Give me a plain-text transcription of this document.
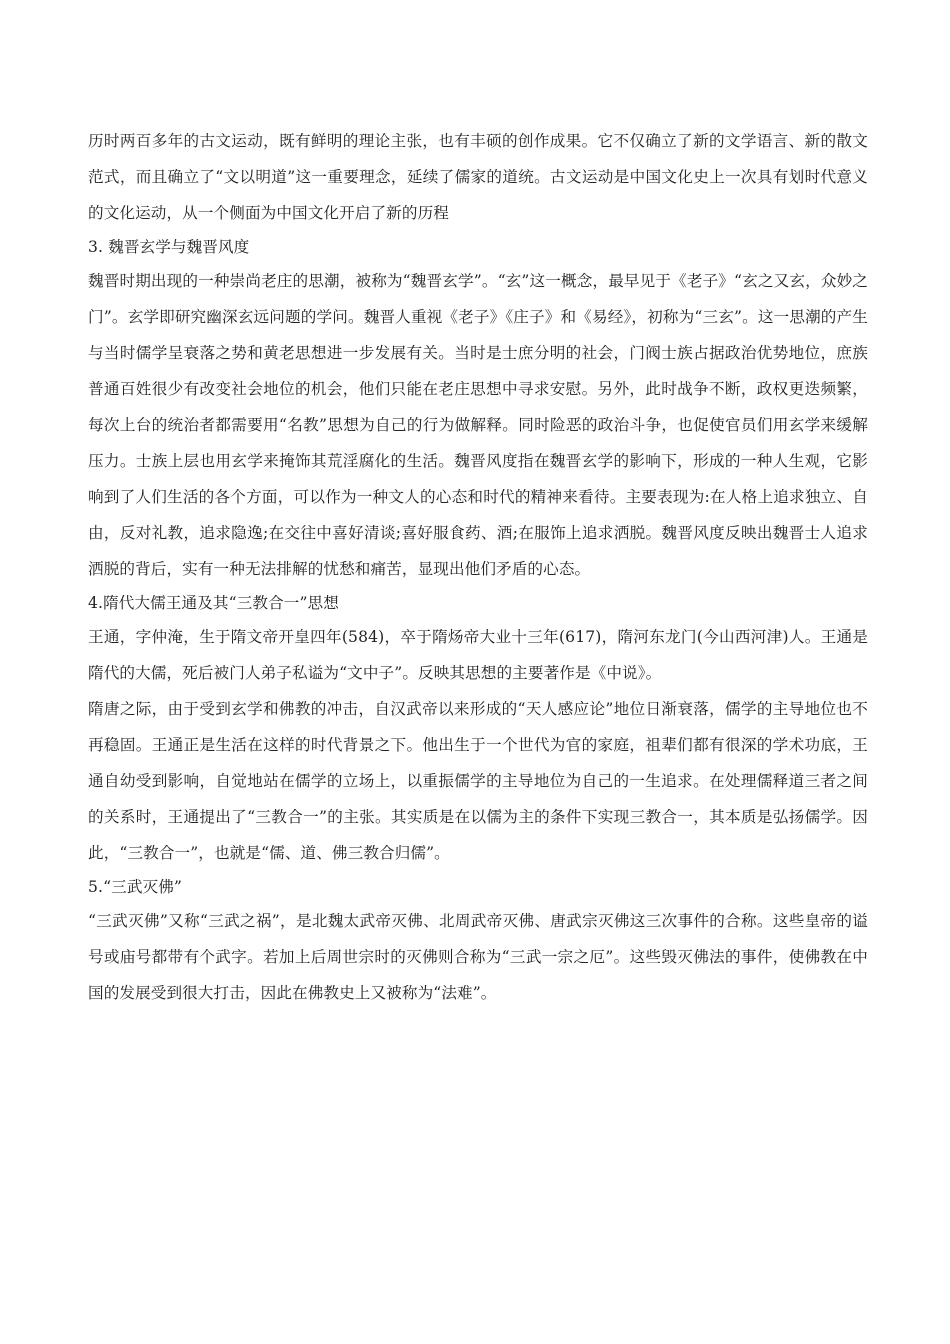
历时两百多年的古文运动，既有鲜明的理论主张，也有丰硕的创作成果。它不仅确立了新的文学语言、新的散文范式，而且确立了“文以明道”这一重要理念，延续了儒家的道统。古文运动是中国文化史上一次具有划时代意义的文化运动，从一个侧面为中国文化开启了新的历程

3. 魏晋玄学与魏晋风度

魏晋时期出现的一种崇尚老庄的思潮，被称为“魏晋玄学”。“玄”这一概念，最早见于《老子》“玄之又玄，众妙之门”。玄学即研究幽深玄远问题的学问。魏晋人重视《老子》《庄子》和《易经》，初称为“三玄”。这一思潮的产生与当时儒学呈衰落之势和黄老思想进一步发展有关。当时是士庶分明的社会，门阀士族占据政治优势地位，庶族普通百姓很少有改变社会地位的机会，他们只能在老庄思想中寻求安慰。另外，此时战争不断，政权更迭频繁，每次上台的统治者都需要用“名教”思想为自己的行为做解释。同时险恶的政治斗争，也促使官员们用玄学来缓解压力。士族上层也用玄学来掩饰其荒淫腐化的生活。魏晋风度指在魏晋玄学的影响下，形成的一种人生观，它影响到了人们生活的各个方面，可以作为一种文人的心态和时代的精神来看待。主要表现为:在人格上追求独立、自由，反对礼教，追求隐逸;在交往中喜好清谈;喜好服食药、酒;在服饰上追求洒脱。魏晋风度反映出魏晋士人追求洒脱的背后，实有一种无法排解的忧愁和痛苦，显现出他们矛盾的心态。

4.隋代大儒王通及其“三教合一”思想

王通，字仲淹，生于隋文帝开皇四年(584)，卒于隋炀帝大业十三年(617)，隋河东龙门(今山西河津)人。王通是隋代的大儒，死后被门人弟子私谥为“文中子”。反映其思想的主要著作是《中说》。

隋唐之际，由于受到玄学和佛教的冲击，自汉武帝以来形成的“天人感应论”地位日渐衰落，儒学的主导地位也不再稳固。王通正是生活在这样的时代背景之下。他出生于一个世代为官的家庭，祖辈们都有很深的学术功底，王通自幼受到影响，自觉地站在儒学的立场上，以重振儒学的主导地位为自己的一生追求。在处理儒释道三者之间的关系时，王通提出了“三教合一”的主张。其实质是在以儒为主的条件下实现三教合一，其本质是弘扬儒学。因此，“三教合一”，也就是“儒、道、佛三教合归儒”。

5.“三武灭佛”

“三武灭佛”又称“三武之祸”，是北魏太武帝灭佛、北周武帝灭佛、唐武宗灭佛这三次事件的合称。这些皇帝的谥号或庙号都带有个武字。若加上后周世宗时的灭佛则合称为“三武一宗之厄”。这些毁灭佛法的事件，使佛教在中国的发展受到很大打击，因此在佛教史上又被称为“法难”。
